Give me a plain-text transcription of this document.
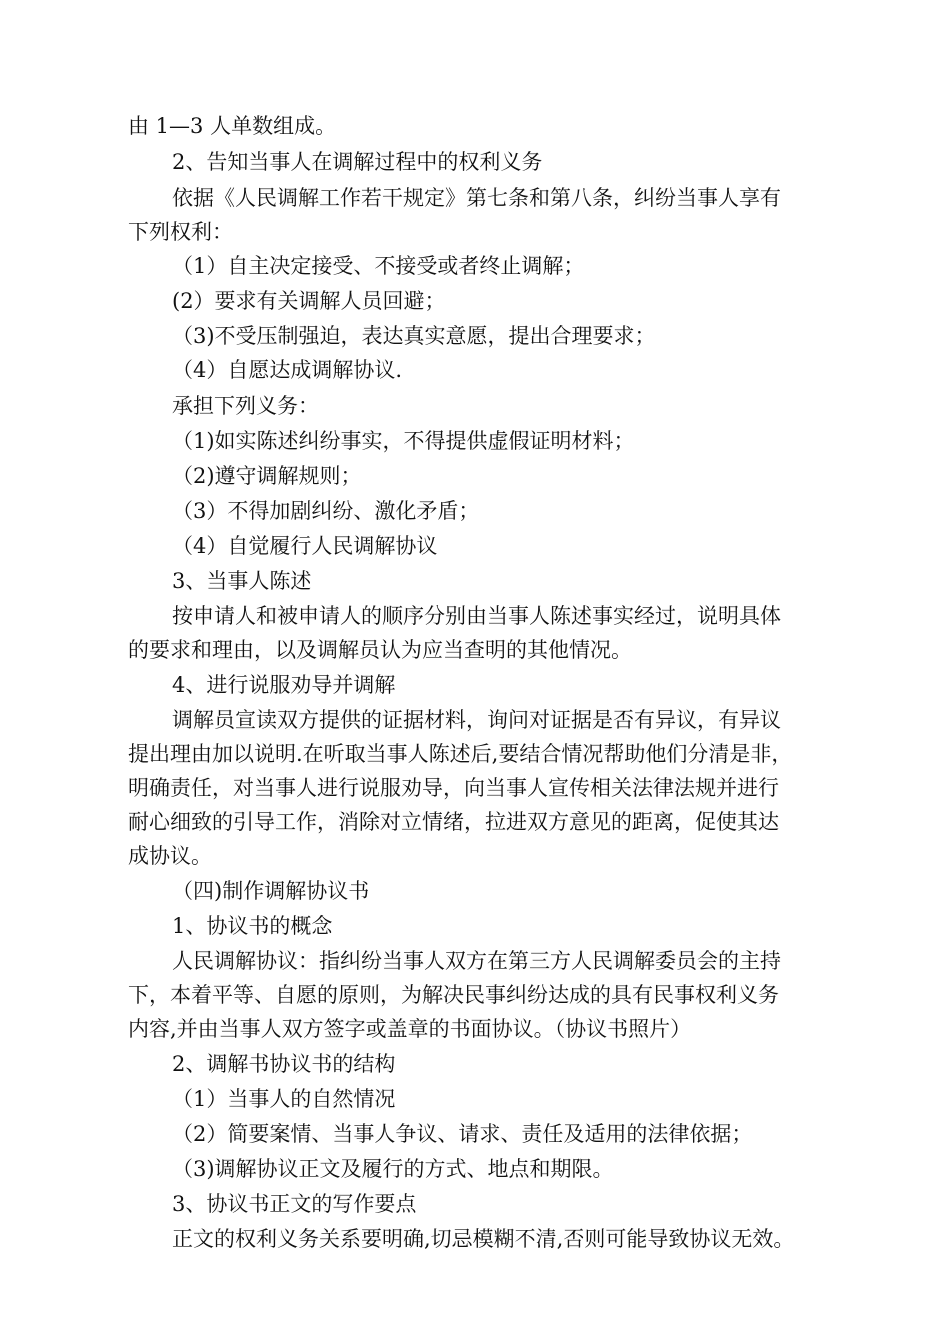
由 1—3 人单数组成。
2、告知当事人在调解过程中的权利义务
依据《人民调解工作若干规定》第七条和第八条，纠纷当事人享有
下列权利：
（1）自主决定接受、不接受或者终止调解；
(2）要求有关调解人员回避；
（3)不受压制强迫，表达真实意愿，提出合理要求；
（4）自愿达成调解协议.
承担下列义务：
（1)如实陈述纠纷事实，不得提供虚假证明材料；
（2)遵守调解规则；
（3）不得加剧纠纷、激化矛盾；
（4）自觉履行人民调解协议
3、当事人陈述
按申请人和被申请人的顺序分别由当事人陈述事实经过，说明具体
的要求和理由，以及调解员认为应当查明的其他情况。
4、进行说服劝导并调解
调解员宣读双方提供的证据材料，询问对证据是否有异议，有异议
提出理由加以说明.在听取当事人陈述后,要结合情况帮助他们分清是非，
明确责任，对当事人进行说服劝导，向当事人宣传相关法律法规并进行
耐心细致的引导工作，消除对立情绪，拉进双方意见的距离，促使其达
成协议。
（四)制作调解协议书
1、协议书的概念
人民调解协议：指纠纷当事人双方在第三方人民调解委员会的主持
下，本着平等、自愿的原则，为解决民事纠纷达成的具有民事权利义务
内容,并由当事人双方签字或盖章的书面协议。（协议书照片）
2、调解书协议书的结构
（1）当事人的自然情况
（2）简要案情、当事人争议、请求、责任及适用的法律依据；
（3)调解协议正文及履行的方式、地点和期限。
3、协议书正文的写作要点
正文的权利义务关系要明确,切忌模糊不清,否则可能导致协议无效。
